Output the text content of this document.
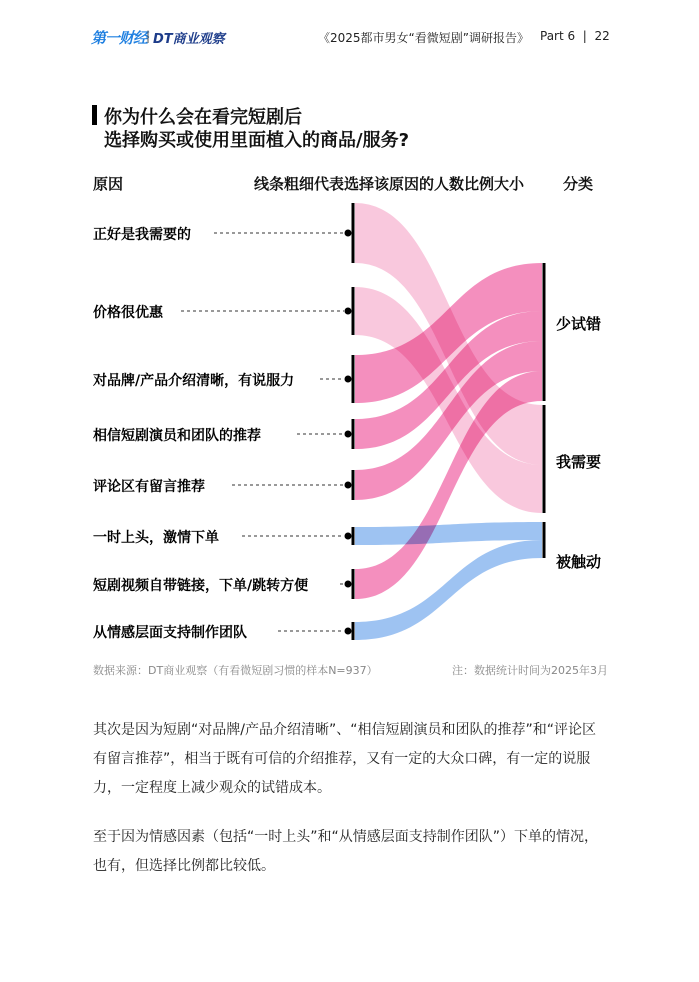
第一财经
| DT商业观察	《2025都市男女“看微短剧”调研报告》 Part 6  |  22
你为什么会在看完短剧后
选择购买或使用里面植入的商品/服务?
原因	线条粗细代表选择该原因的人数比例大小	分类
正好是我需要的
价格很优惠
对品牌/产品介绍清晰，有说服力
相信短剧演员和团队的推荐
评论区有留言推荐
一时上头，激情下单
短剧视频自带链接，下单/跳转方便
从情感层面支持制作团队
少试错
我需要
被触动
数据来源：DT商业观察（有看微短剧习惯的样本N=937）	注：数据统计时间为2025年3月
其次是因为短剧“对品牌/产品介绍清晰”、“相信短剧演员和团队的推荐”和“评论区有留言推荐”，相当于既有可信的介绍推荐，又有一定的大众口碑，有一定的说服力，一定程度上减少观众的试错成本。
至于因为情感因素（包括“一时上头”和“从情感层面支持制作团队”）下单的情况，也有，但选择比例都比较低。
